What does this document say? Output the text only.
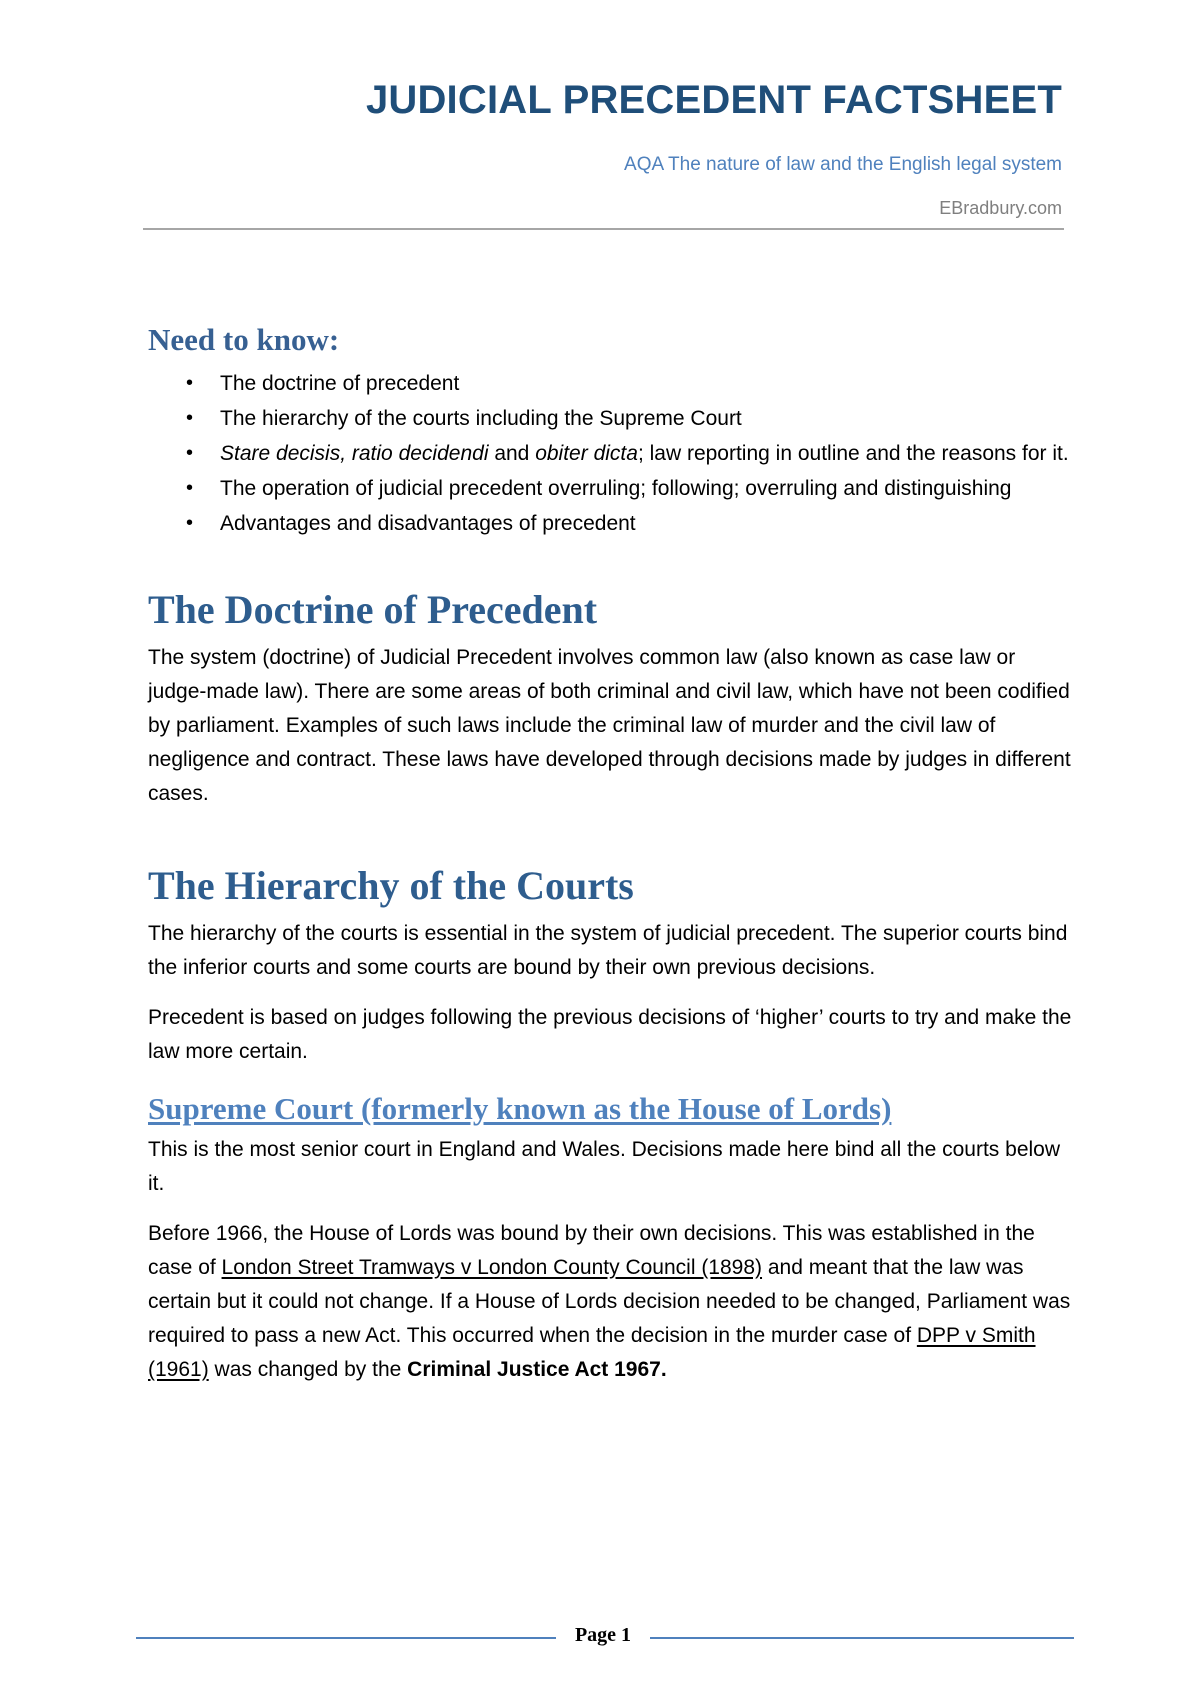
JUDICIAL PRECEDENT FACTSHEET
AQA The nature of law and the English legal system
EBradbury.com
Need to know:
• The doctrine of precedent
• The hierarchy of the courts including the Supreme Court
• Stare decisis, ratio decidendi and obiter dicta; law reporting in outline and the reasons for it.
• The operation of judicial precedent overruling; following; overruling and distinguishing
• Advantages and disadvantages of precedent
The Doctrine of Precedent

The system (doctrine) of Judicial Precedent involves common law (also known as case law or judge-made law). There are some areas of both criminal and civil law, which have not been codified by parliament. Examples of such laws include the criminal law of murder and the civil law of negligence and contract. These laws have developed through decisions made by judges in different cases.

The Hierarchy of the Courts

The hierarchy of the courts is essential in the system of judicial precedent. The superior courts bind the inferior courts and some courts are bound by their own previous decisions.

Precedent is based on judges following the previous decisions of ‘higher’ courts to try and make the law more certain.

Supreme Court (formerly known as the House of Lords)

This is the most senior court in England and Wales. Decisions made here bind all the courts below it.

Before 1966, the House of Lords was bound by their own decisions. This was established in the case of London Street Tramways v London County Council (1898) and meant that the law was certain but it could not change. If a House of Lords decision needed to be changed, Parliament was required to pass a new Act. This occurred when the decision in the murder case of DPP v Smith (1961) was changed by the Criminal Justice Act 1967.

Page 1
